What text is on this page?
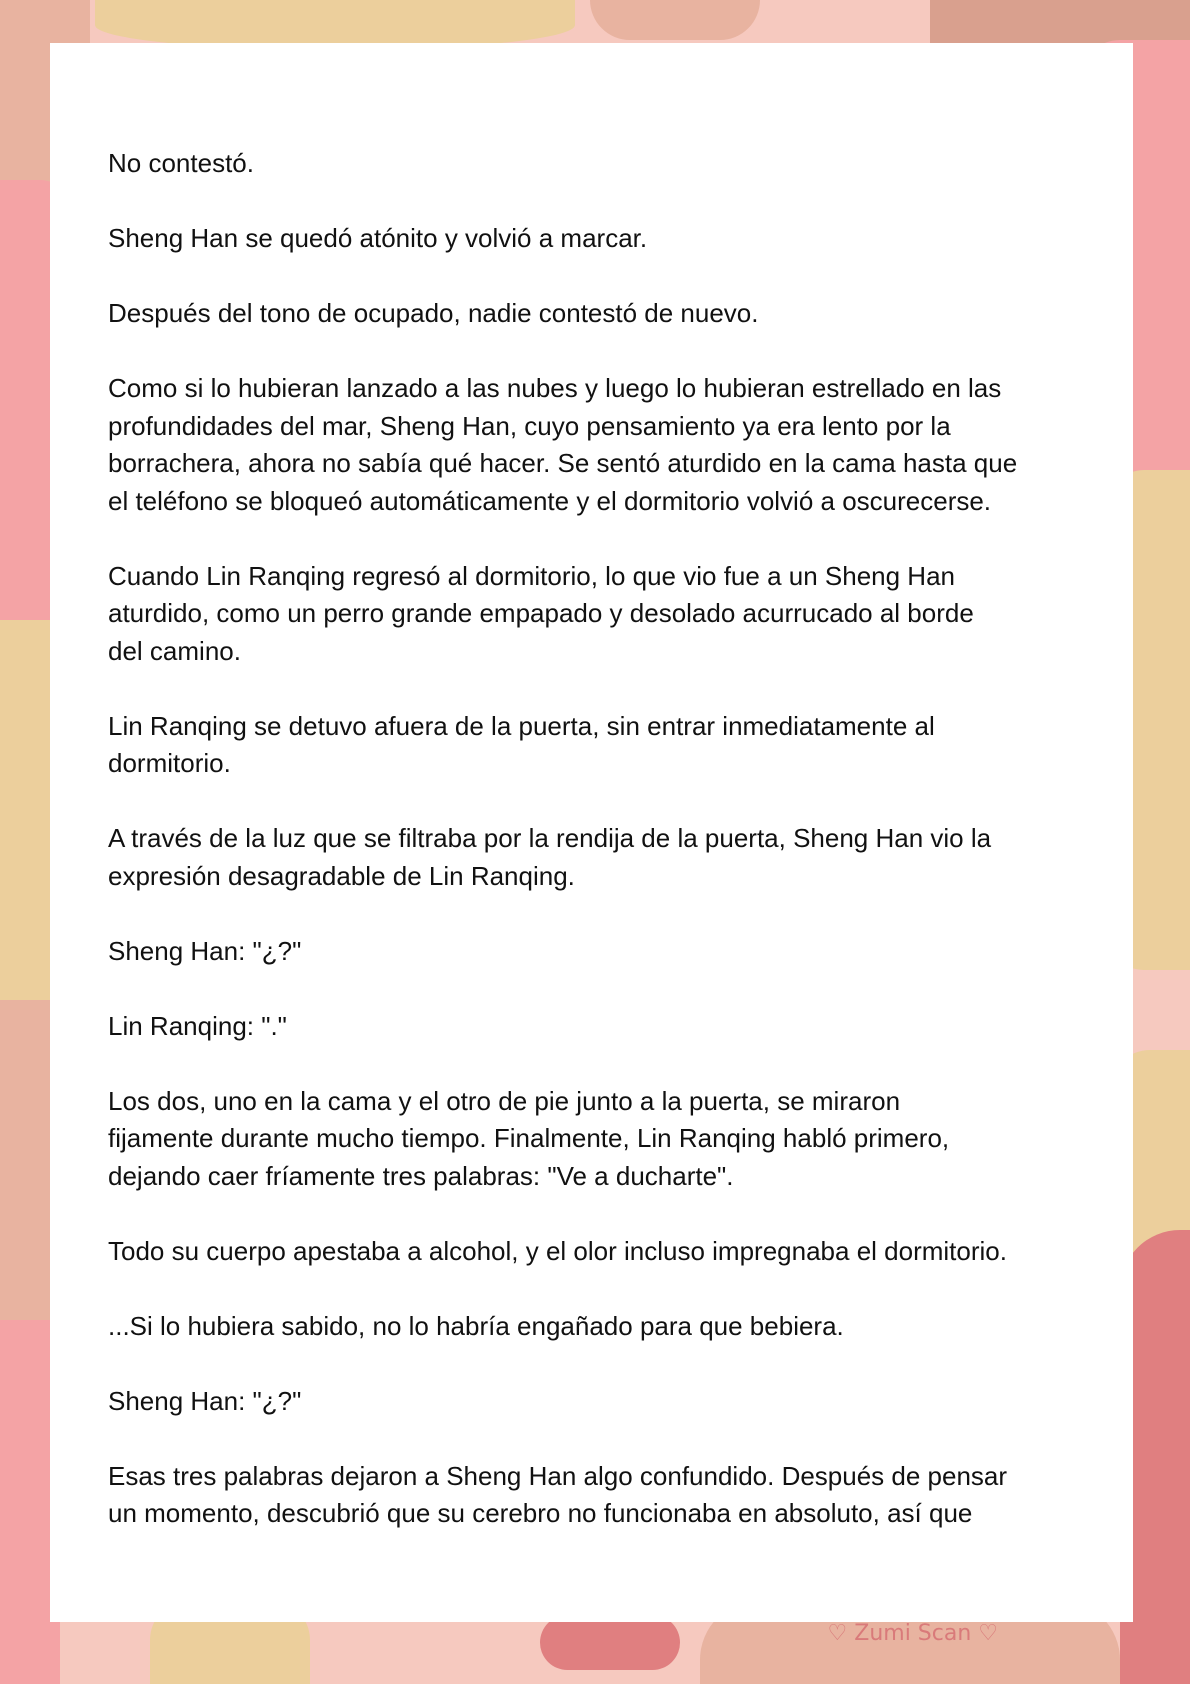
No contestó.

Sheng Han se quedó atónito y volvió a marcar.

Después del tono de ocupado, nadie contestó de nuevo.

Como si lo hubieran lanzado a las nubes y luego lo hubieran estrellado en las
profundidades del mar, Sheng Han, cuyo pensamiento ya era lento por la
borrachera, ahora no sabía qué hacer. Se sentó aturdido en la cama hasta que
el teléfono se bloqueó automáticamente y el dormitorio volvió a oscurecerse.

Cuando Lin Ranqing regresó al dormitorio, lo que vio fue a un Sheng Han
aturdido, como un perro grande empapado y desolado acurrucado al borde
del camino.

Lin Ranqing se detuvo afuera de la puerta, sin entrar inmediatamente al
dormitorio.

A través de la luz que se filtraba por la rendija de la puerta, Sheng Han vio la
expresión desagradable de Lin Ranqing.

Sheng Han: "¿?"

Lin Ranqing: "."

Los dos, uno en la cama y el otro de pie junto a la puerta, se miraron
fijamente durante mucho tiempo. Finalmente, Lin Ranqing habló primero,
dejando caer fríamente tres palabras: "Ve a ducharte".

Todo su cuerpo apestaba a alcohol, y el olor incluso impregnaba el dormitorio.

...Si lo hubiera sabido, no lo habría engañado para que bebiera.

Sheng Han: "¿?"

Esas tres palabras dejaron a Sheng Han algo confundido. Después de pensar
un momento, descubrió que su cerebro no funcionaba en absoluto, así que

♡ Zumi Scan ♡
